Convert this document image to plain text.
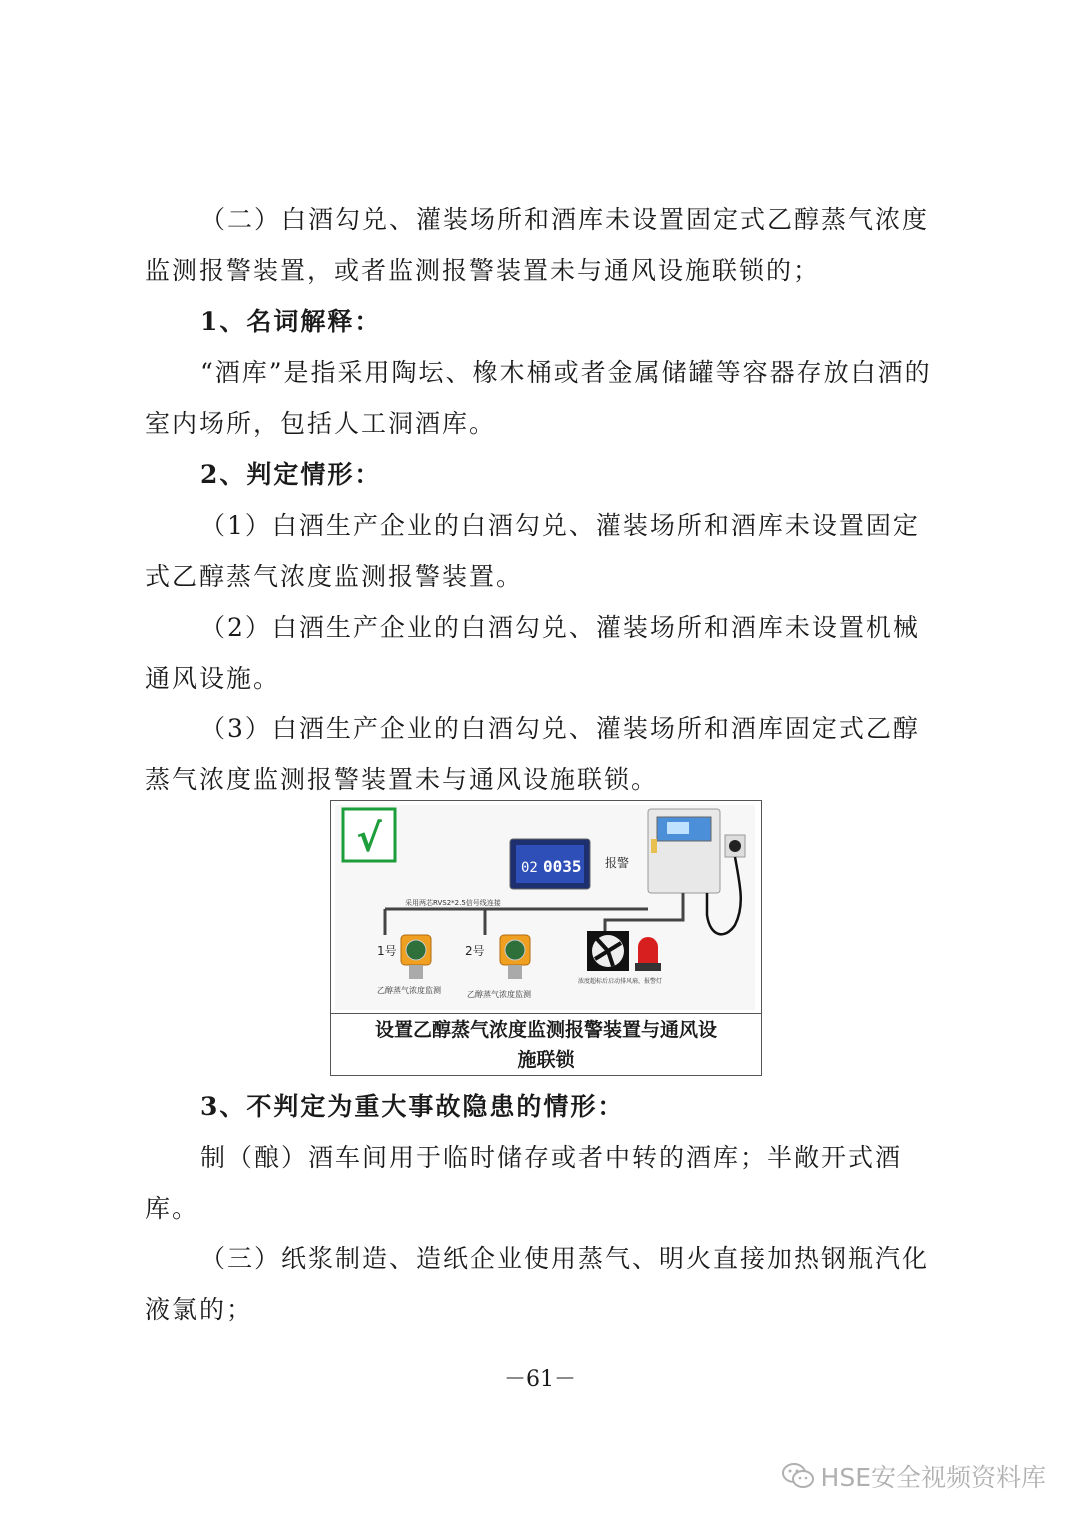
（二）白酒勾兑、灌装场所和酒库未设置固定式乙醇蒸气浓度监测报警装置，或者监测报警装置未与通风设施联锁的；

1、名词解释：

“酒库”是指采用陶坛、橡木桶或者金属储罐等容器存放白酒的室内场所，包括人工洞酒库。

2、判定情形：

（1）白酒生产企业的白酒勾兑、灌装场所和酒库未设置固定式乙醇蒸气浓度监测报警装置。

（2）白酒生产企业的白酒勾兑、灌装场所和酒库未设置机械通风设施。

（3）白酒生产企业的白酒勾兑、灌装场所和酒库固定式乙醇蒸气浓度监测报警装置未与通风设施联锁。

√
02 0035 报警
采用两芯RVS2*2.5信号线连接
1号	2号
乙醇蒸气浓度监测	乙醇蒸气浓度监测
浓度超标后启动排风扇，报警灯
设置乙醇蒸气浓度监测报警装置与通风设
施联锁

3、不判定为重大事故隐患的情形：

制（酿）酒车间用于临时储存或者中转的酒库；半敞开式酒库。

（三）纸浆制造、造纸企业使用蒸气、明火直接加热钢瓶汽化液氯的；

－61－
HSE安全视频资料库
